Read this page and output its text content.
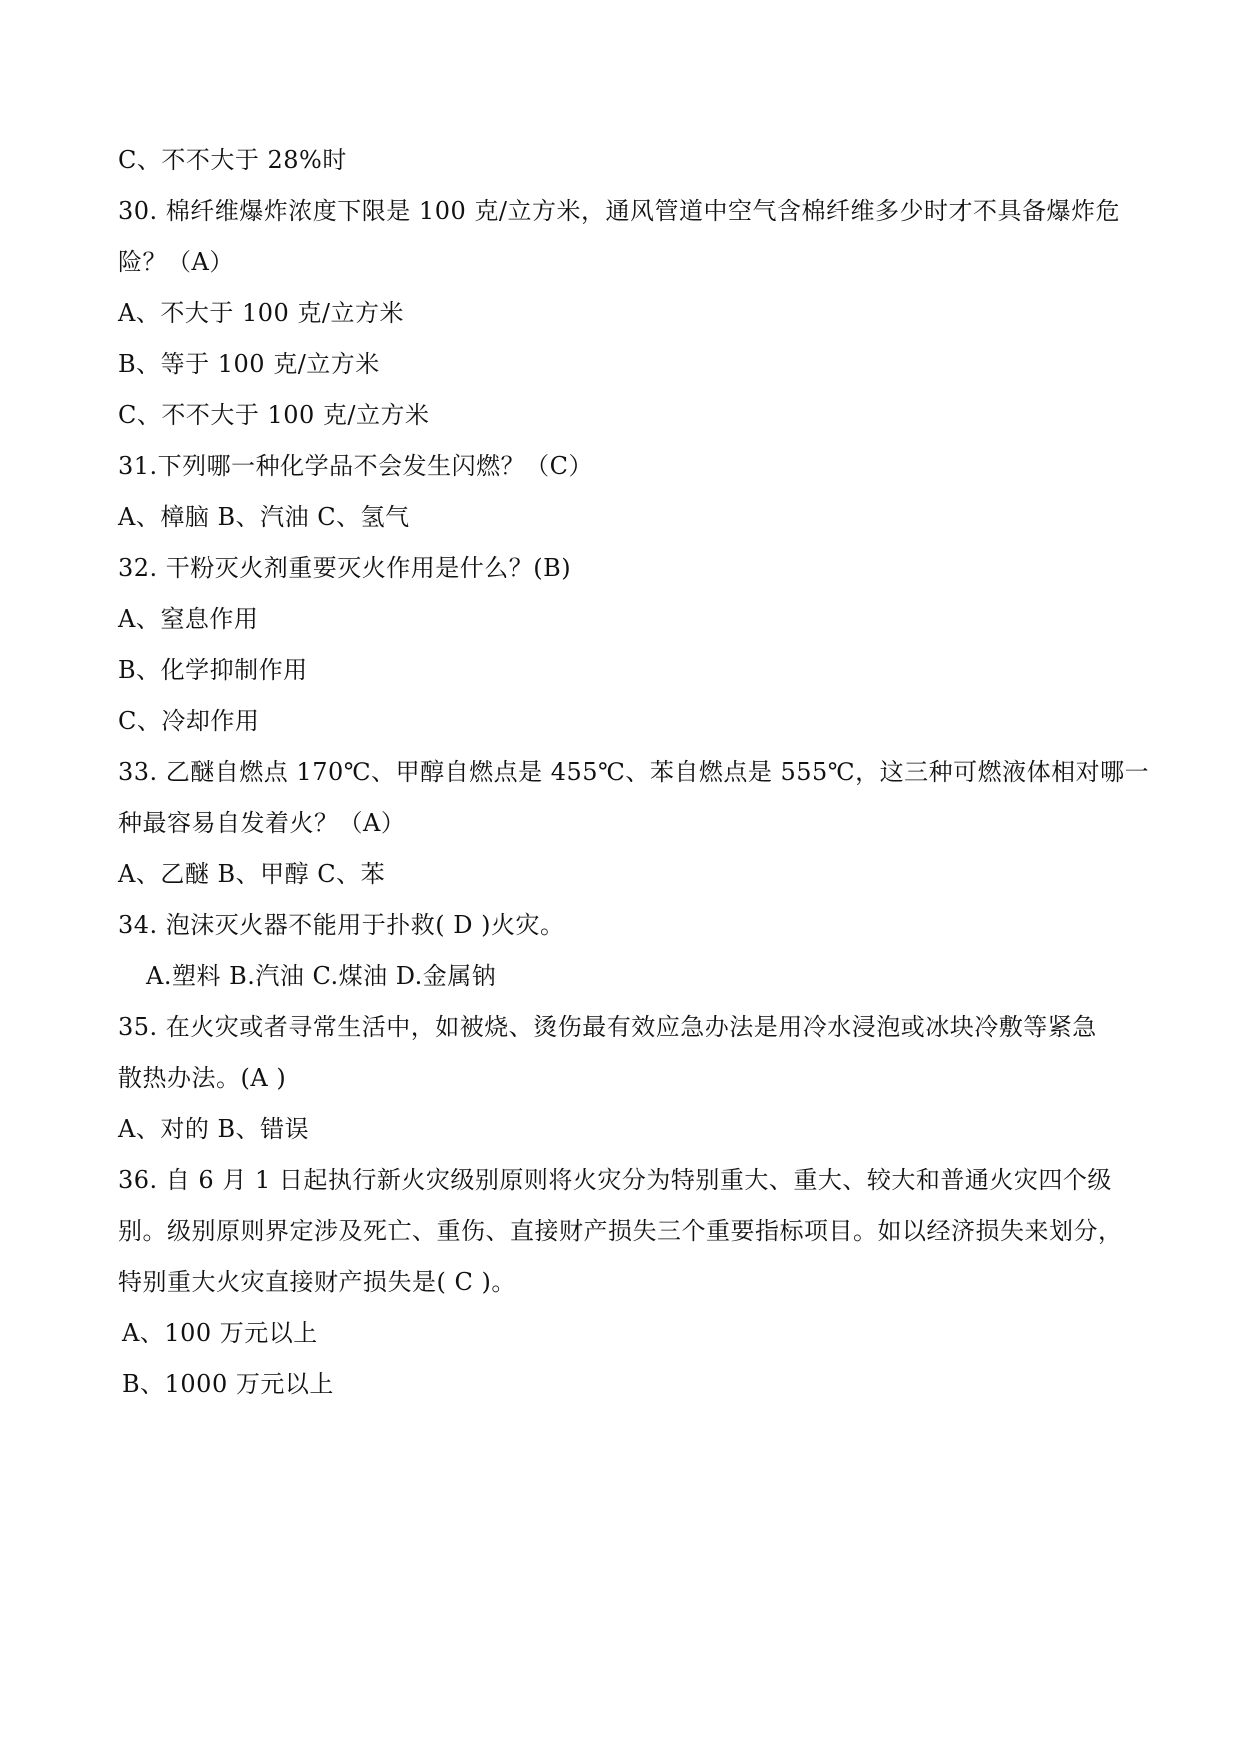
C、不不大于 28%时
30. 棉纤维爆炸浓度下限是 100 克/立方米，通风管道中空气含棉纤维多少时才不具备爆炸危
险？（A）
A、不大于 100 克/立方米
B、等于 100 克/立方米
C、不不大于 100 克/立方米
31.下列哪一种化学品不会发生闪燃？（C）
A、樟脑 B、汽油 C、氢气
32. 干粉灭火剂重要灭火作用是什么？(B)
A、窒息作用
B、化学抑制作用
C、冷却作用
33. 乙醚自燃点 170℃、甲醇自燃点是 455℃、苯自燃点是 555℃，这三种可燃液体相对哪一
种最容易自发着火？（A）
A、乙醚 B、甲醇 C、苯
34. 泡沫灭火器不能用于扑救( D )火灾。
A.塑料 B.汽油 C.煤油 D.金属钠
35. 在火灾或者寻常生活中，如被烧、烫伤最有效应急办法是用冷水浸泡或冰块冷敷等紧急
散热办法。(A )
A、对的 B、错误
36. 自 6 月 1 日起执行新火灾级别原则将火灾分为特别重大、重大、较大和普通火灾四个级
别。级别原则界定涉及死亡、重伤、直接财产损失三个重要指标项目。如以经济损失来划分，
特别重大火灾直接财产损失是( C )。
A、100 万元以上
B、1000 万元以上
